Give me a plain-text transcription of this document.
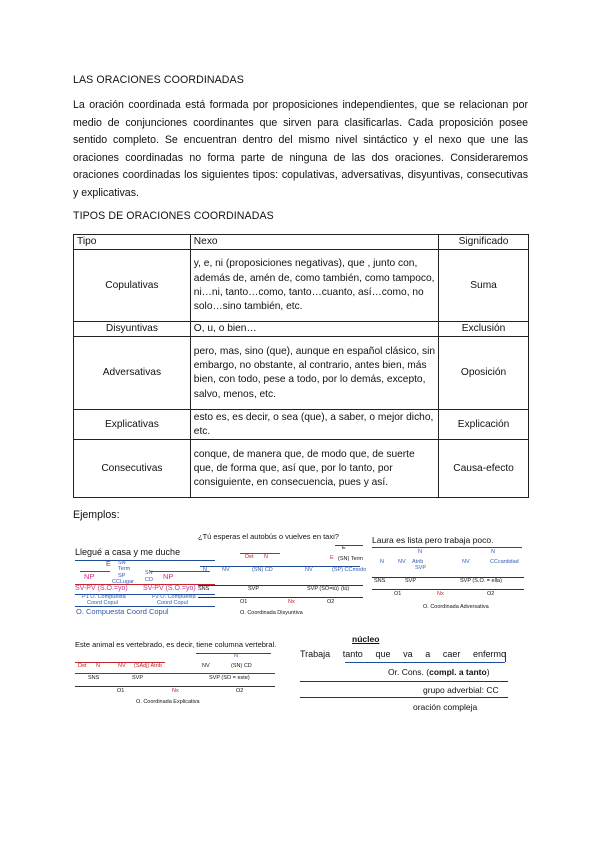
LAS ORACIONES COORDINADAS
La oración coordinada está formada por proposiciones independientes, que se relacionan por medio de conjunciones coordinantes que sirven para clasificarlas. Cada proposición posee sentido completo. Se encuentran dentro del mismo nivel sintáctico y el nexo que une las oraciones coordinadas no forma parte de ninguna de las dos oraciones. Consideraremos oraciones coordinadas los siguientes tipos: copulativas, adversativas, disyuntivas, consecutivas y explicativas.
TIPOS DE ORACIONES COORDINADAS
Tipo	Nexo	Significado
Copulativas	y, e, ni (proposiciones negativas), que , junto con, además de, amén de, como también, como tampoco, ni…ni, tanto…como, tanto…cuanto, así…como, no solo…sino también, etc.	Suma
Disyuntivas	O, u, o bien…	Exclusión
Adversativas	pero, mas, sino (que), aunque en español clásico, sin embargo, no obstante, al contrario, antes bien, más bien, con todo, pese a todo, por lo demás, excepto, salvo, menos, etc.	Oposición
Explicativas	esto es, es decir, o sea (que), a saber, o mejor dicho, etc.	Explicación
Consecutivas	conque, de manera que, de modo que, de suerte que, de forma que, así que, por lo tanto, por consiguiente, en consecuencia, pues y así.	Causa-efecto
Ejemplos:
Llegué a casa y me duche
E SN
Term
NP	SP
CCLugar
SN
CD NP
SV-PV (S.O.=yo) SV-PV (S.O.=yo)
P1 O. Compuesta
Coord Copul
P2 O. Compuesta
Coord Copul
O. Compuesta Coord Copul
¿Tú esperas el autobús o vuelves en taxi?
E
Det N	E (SN) Term
N	NV	(SN) CD	NV	(SP) CCmodo
SNS	SVP	SVP (SO=tú) (tú)
O1	Nx	O2
O. Coordinada Disyuntiva
Laura es lista pero trabaja poco.
N	N
N	NV Atrib
SVP
NV	CCcantidad
SNS	SVP	SVP (S.O. = ella)
O1	Nx	O2
O. Coordinada Adversativa
Este animal es vertebrado, es decir, tiene columna vertebral.
N
Det N	NV (SAdj) Atrib	NV	(SN) CD
SNS	SVP	SVP (SO = este)
O1	Nx	O2
O. Coordinada Explicativa
núcleo
Trabaja tanto que va a caer enfermo
Or. Cons. (compl. a tanto)
grupo adverbial: CC
oración compleja
